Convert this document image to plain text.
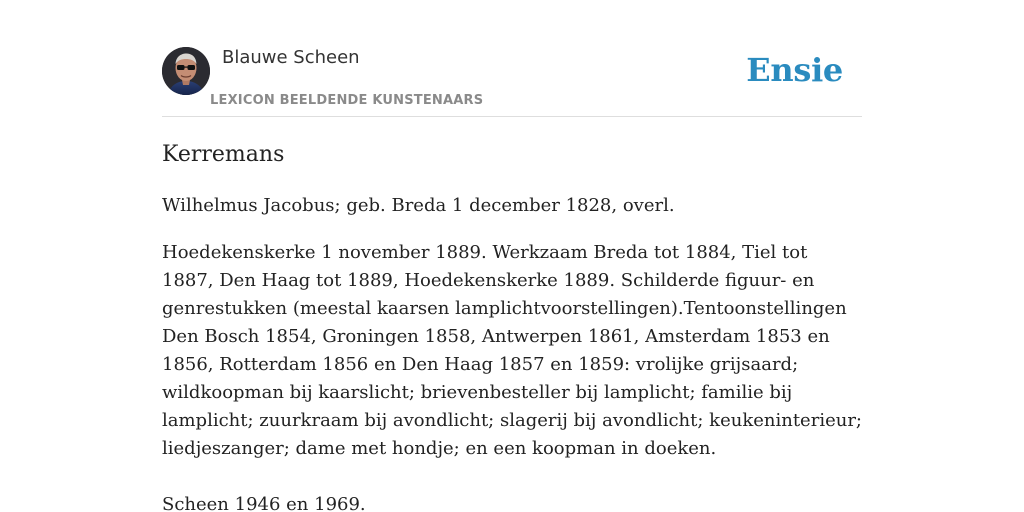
Blauwe Scheen
LEXICON BEELDENDE KUNSTENAARS
Ensie
Kerremans

Wilhelmus Jacobus; geb. Breda 1 december 1828, overl.

Hoedekenskerke 1 november 1889. Werkzaam Breda tot 1884, Tiel tot 1887, Den Haag tot 1889, Hoedekenskerke 1889. Schilderde figuur- en genrestukken (meestal kaarsen lamplichtvoorstellingen).Tentoonstellingen Den Bosch 1854, Groningen 1858, Antwerpen 1861, Amsterdam 1853 en 1856, Rotterdam 1856 en Den Haag 1857 en 1859: vrolijke grijsaard; wildkoopman bij kaarslicht; brievenbesteller bij lamplicht; familie bij lamplicht; zuurkraam bij avondlicht; slagerij bij avondlicht; keukeninterieur; liedjeszanger; dame met hondje; en een koopman in doeken.

Scheen 1946 en 1969.
